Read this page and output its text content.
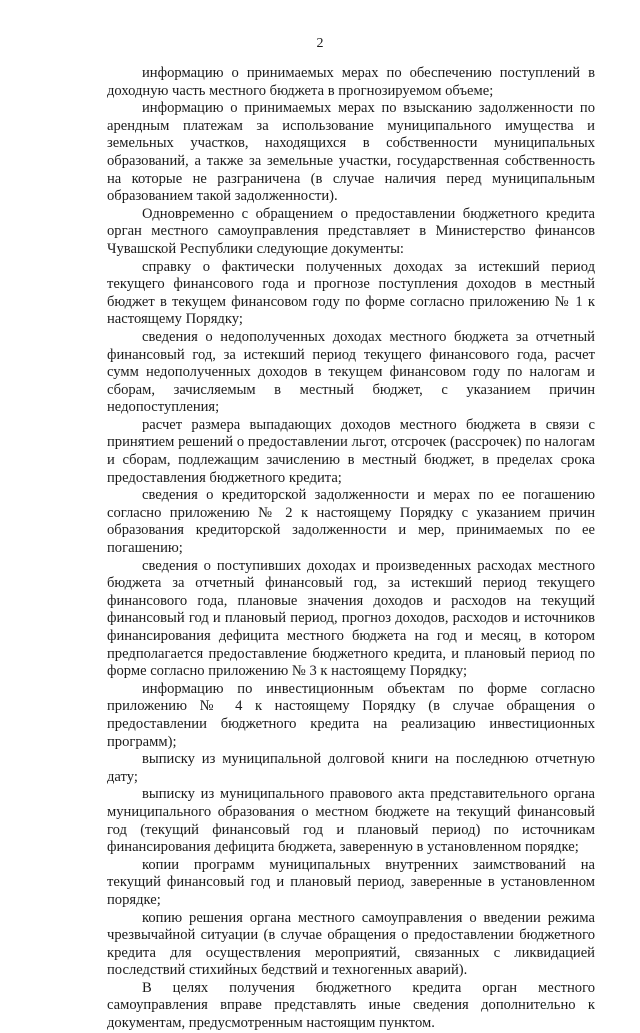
2

информацию о принимаемых мерах по обеспечению поступлений в доходную часть местного бюджета в прогнозируемом объеме;

информацию о принимаемых мерах по взысканию задолженности по арендным платежам за использование муниципального имущества и земельных участков, находящихся в собственности муниципальных образований, а также за земельные участки, государственная собственность на которые не разграничена (в случае наличия перед муниципальным образованием такой задолженности).

Одновременно с обращением о предоставлении бюджетного кредита орган местного самоуправления представляет в Министерство финансов Чувашской Республики следующие документы:

справку о фактически полученных доходах за истекший период текущего финансового года и прогнозе поступления доходов в местный бюджет в текущем финансовом году по форме согласно приложению № 1 к настоящему Порядку;

сведения о недополученных доходах местного бюджета за отчетный финансовый год, за истекший период текущего финансового года, расчет сумм недополученных доходов в текущем финансовом году по налогам и сборам, зачисляемым в местный бюджет, с указанием причин недопоступления;

расчет размера выпадающих доходов местного бюджета в связи с принятием решений о предоставлении льгот, отсрочек (рассрочек) по налогам и сборам, подлежащим зачислению в местный бюджет, в пределах срока предоставления бюджетного кредита;

сведения о кредиторской задолженности и мерах по ее погашению согласно приложению № 2 к настоящему Порядку с указанием причин образования кредиторской задолженности и мер, принимаемых по ее погашению;

сведения о поступивших доходах и произведенных расходах местного бюджета за отчетный финансовый год, за истекший период текущего финансового года, плановые значения доходов и расходов на текущий финансовый год и плановый период, прогноз доходов, расходов и источников финансирования дефицита местного бюджета на год и месяц, в котором предполагается предоставление бюджетного кредита, и плановый период по форме согласно приложению № 3 к настоящему Порядку;

информацию по инвестиционным объектам по форме согласно приложению № 4 к настоящему Порядку (в случае обращения о предоставлении бюджетного кредита на реализацию инвестиционных программ);

выписку из муниципальной долговой книги на последнюю отчетную дату;

выписку из муниципального правового акта представительного органа муниципального образования о местном бюджете на текущий финансовый год (текущий финансовый год и плановый период) по источникам финансирования дефицита бюджета, заверенную в установленном порядке;

копии программ муниципальных внутренних заимствований на текущий финансовый год и плановый период, заверенные в установленном порядке;

копию решения органа местного самоуправления о введении режима чрезвычайной ситуации (в случае обращения о предоставлении бюджетного кредита для осуществления мероприятий, связанных с ликвидацией последствий стихийных бедствий и техногенных аварий).

В целях получения бюджетного кредита орган местного самоуправления вправе представлять иные сведения дополнительно к документам, предусмотренным настоящим пунктом.
